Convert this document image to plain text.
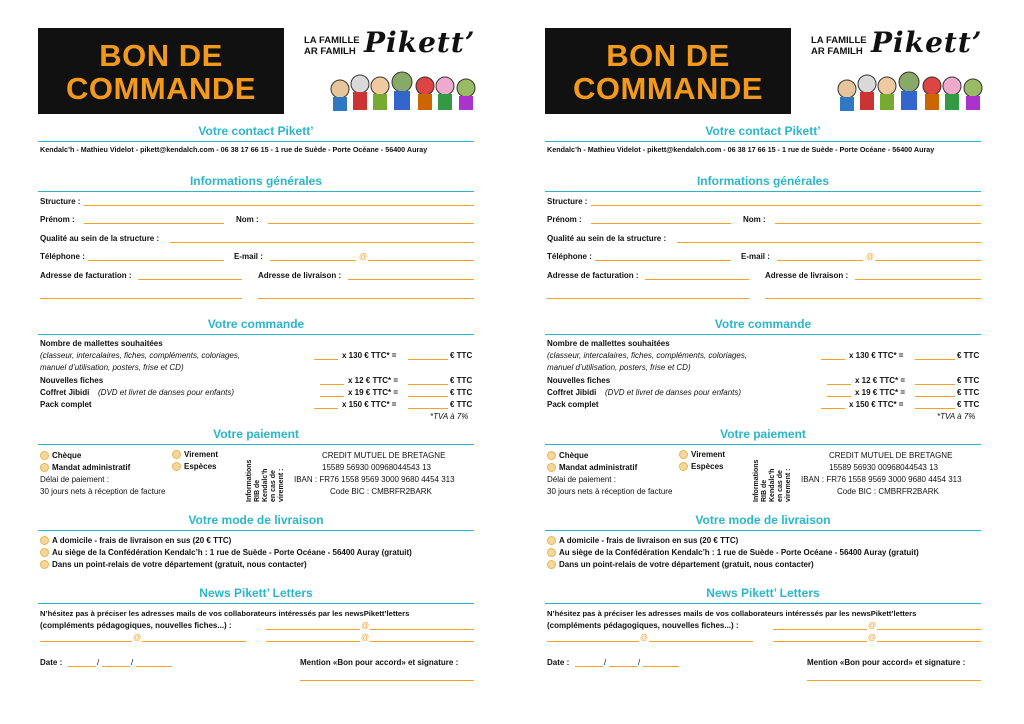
BON DE
COMMANDE
LA FAMILLE
AR FAMILH Pikett’
Votre contact Pikett’
Kendalc’h - Mathieu Videlot - pikett@kendalch.com - 06 38 17 66 15 - 1 rue de Suède - Porte Océane - 56400 Auray
Informations générales
Structure :
Prénom :	Nom :
Qualité au sein de la structure :
Téléphone :	E-mail :	@
Adresse de facturation :	Adresse de livraison :
Votre commande
Nombre de mallettes souhaitées
(classeur, intercalaires, fiches, compléments, coloriages,
manuel d’utilisation, posters, frise et CD)
x 130 € TTC* =	€ TTC
Nouvelles fiches	x 12 € TTC* =	€ TTC
Coffret Jibidi (DVD et livret de danses pour enfants)	x 19 € TTC* =	€ TTC
Pack complet	x 150 € TTC* =	€ TTC
*TVA à 7%
Votre paiement
Chèque
Mandat administratif
Virement
Espèces
Délai de paiement :
30 jours nets à réception de facture	Informations RIB de Kendalc’h en cas de virement :
CREDIT MUTUEL DE BRETAGNE
15589 56930 00968044543 13
IBAN : FR76 1558 9569 3000 9680 4454 313
Code BIC : CMBRFR2BARK
Votre mode de livraison
A domicile - frais de livraison en sus (20 € TTC)
Au siège de la Confédération Kendalc’h : 1 rue de Suède - Porte Océane - 56400 Auray (gratuit)
Dans un point-relais de votre département (gratuit, nous contacter)
News Pikett’ Letters
N’hésitez pas à préciser les adresses mails de vos collaborateurs intéressés par les newsPikett’letters
(compléments pédagogiques, nouvelles fiches...) :	@
@	@
Date :	/	/	Mention «Bon pour accord» et signature :
BON DE
COMMANDE
LA FAMILLE
AR FAMILH Pikett’
Votre contact Pikett’
Kendalc’h - Mathieu Videlot - pikett@kendalch.com - 06 38 17 66 15 - 1 rue de Suède - Porte Océane - 56400 Auray
Informations générales
Structure :
Prénom :	Nom :
Qualité au sein de la structure :
Téléphone :	E-mail :	@
Adresse de facturation :	Adresse de livraison :
Votre commande
Nombre de mallettes souhaitées
(classeur, intercalaires, fiches, compléments, coloriages,
manuel d’utilisation, posters, frise et CD)
x 130 € TTC* =	€ TTC
Nouvelles fiches	x 12 € TTC* =	€ TTC
Coffret Jibidi (DVD et livret de danses pour enfants)	x 19 € TTC* =	€ TTC
Pack complet	x 150 € TTC* =	€ TTC
*TVA à 7%
Votre paiement
Chèque
Mandat administratif
Virement
Espèces
Délai de paiement :
30 jours nets à réception de facture	Informations RIB de Kendalc’h en cas de virement :
CREDIT MUTUEL DE BRETAGNE
15589 56930 00968044543 13
IBAN : FR76 1558 9569 3000 9680 4454 313
Code BIC : CMBRFR2BARK
Votre mode de livraison
A domicile - frais de livraison en sus (20 € TTC)
Au siège de la Confédération Kendalc’h : 1 rue de Suède - Porte Océane - 56400 Auray (gratuit)
Dans un point-relais de votre département (gratuit, nous contacter)
News Pikett’ Letters
N’hésitez pas à préciser les adresses mails de vos collaborateurs intéressés par les newsPikett’letters
(compléments pédagogiques, nouvelles fiches...) :	@
@	@
Date :	/	/	Mention «Bon pour accord» et signature :
